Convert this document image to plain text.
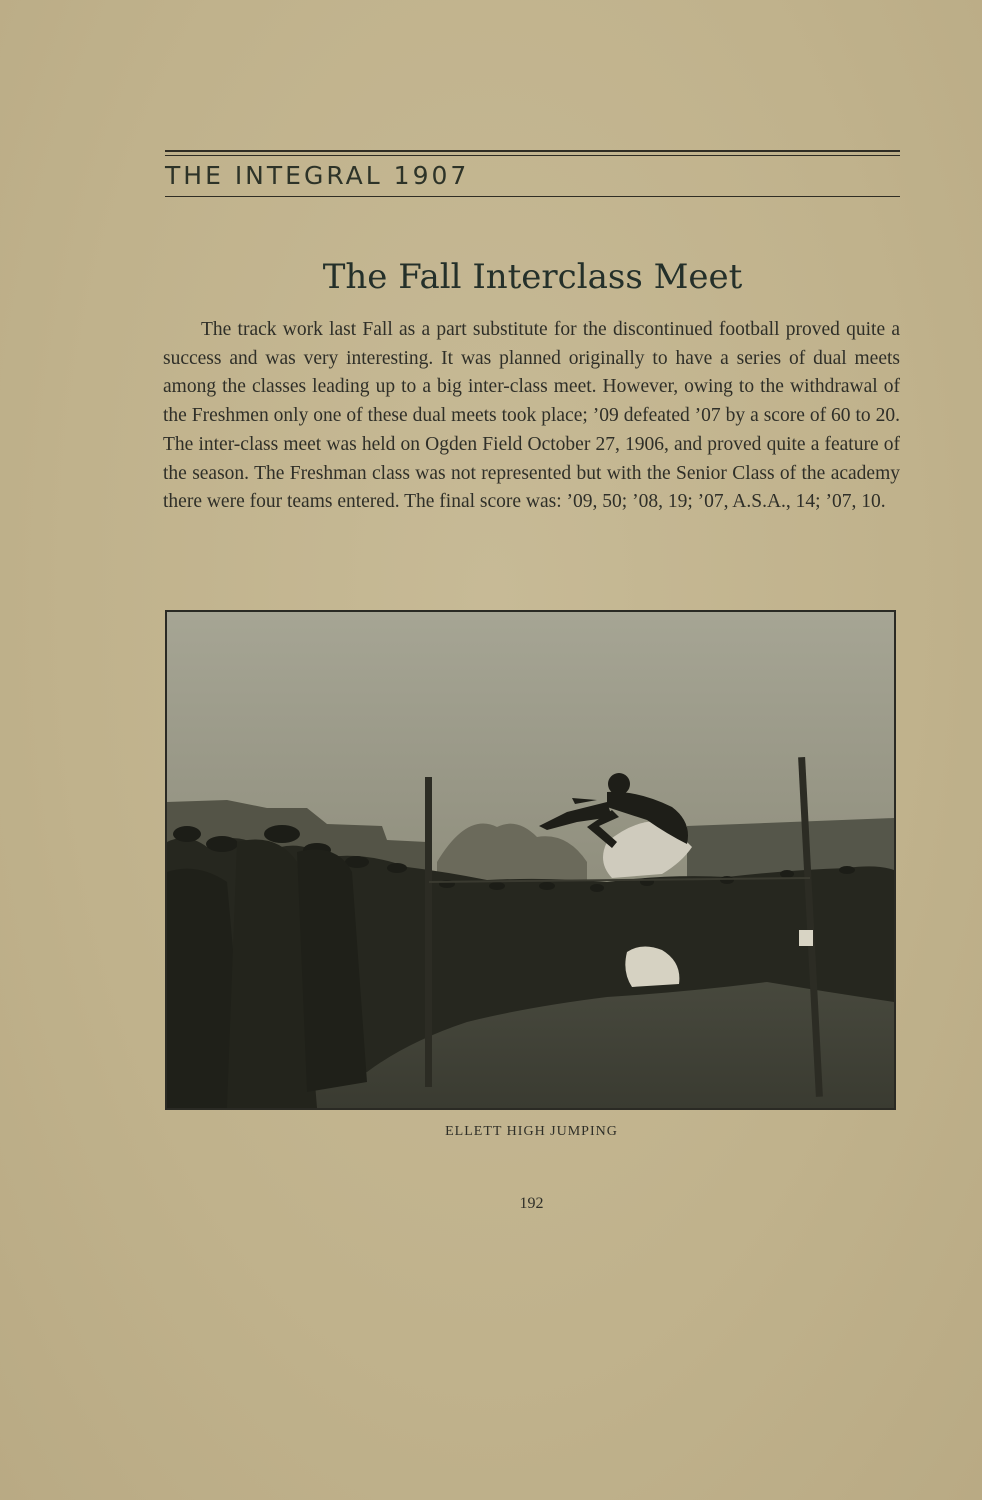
THE INTEGRAL 1907
The Fall Interclass Meet

The track work last Fall as a part substitute for the discontinued football proved quite a success and was very interesting. It was planned originally to have a series of dual meets among the classes leading up to a big inter-class meet. However, owing to the withdrawal of the Freshmen only one of these dual meets took place; ’09 defeated ’07 by a score of 60 to 20. The inter-class meet was held on Ogden Field October 27, 1906, and proved quite a feature of the season. The Freshman class was not represented but with the Senior Class of the academy there were four teams entered. The final score was: ’09, 50; ’08, 19; ’07, A.S.A., 14; ’07, 10.

ELLETT HIGH JUMPING
192
